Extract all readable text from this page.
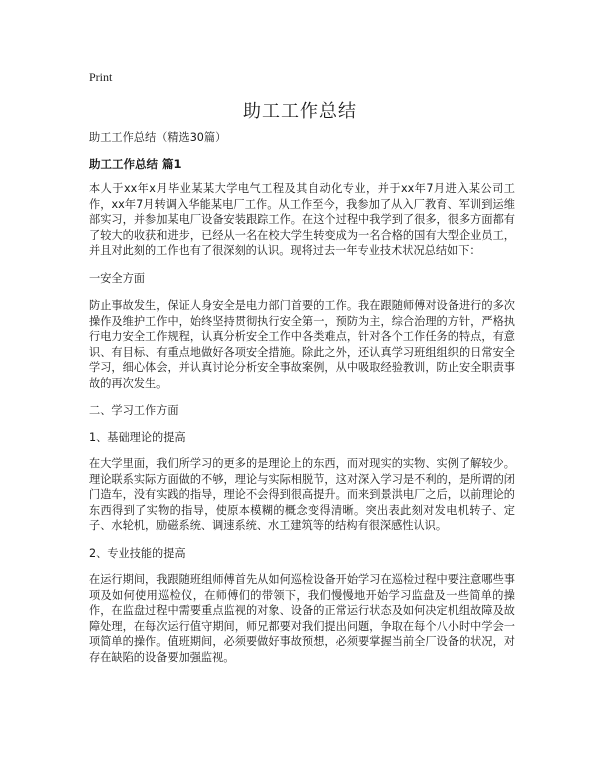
Print
助工工作总结

助工工作总结（精选30篇）

助工工作总结 篇1

本人于xx年x月毕业某某大学电气工程及其自动化专业，并于xx年7月进入某公司工作，xx年7月转调入华能某电厂工作。从工作至今，我参加了从入厂教育、军训到运维部实习，并参加某电厂设备安装跟踪工作。在这个过程中我学到了很多，很多方面都有了较大的收获和进步，已经从一名在校大学生转变成为一名合格的国有大型企业员工，并且对此刻的工作也有了很深刻的认识。现将过去一年专业技术状况总结如下：

一安全方面

防止事故发生，保证人身安全是电力部门首要的工作。我在跟随师傅对设备进行的多次操作及维护工作中，始终坚持贯彻执行安全第一，预防为主，综合治理的方针，严格执行电力安全工作规程，认真分析安全工作中各类难点，针对各个工作任务的特点，有意识、有目标、有重点地做好各项安全措施。除此之外，还认真学习班组组织的日常安全学习，细心体会，并认真讨论分析安全事故案例，从中吸取经验教训，防止安全职责事故的再次发生。

二、学习工作方面

1、基础理论的提高

在大学里面，我们所学习的更多的是理论上的东西，而对现实的实物、实例了解较少。理论联系实际方面做的不够，理论与实际相脱节，这对深入学习是不利的，是所谓的闭门造车，没有实践的指导，理论不会得到很高提升。而来到景洪电厂之后，以前理论的东西得到了实物的指导，使原本模糊的概念变得清晰。突出表此刻对发电机转子、定子、水轮机，励磁系统、调速系统、水工建筑等的结构有很深感性认识。

2、专业技能的提高

在运行期间，我跟随班组师傅首先从如何巡检设备开始学习在巡检过程中要注意哪些事项及如何使用巡检仪，在师傅们的带领下，我们慢慢地开始学习监盘及一些简单的操作，在监盘过程中需要重点监视的对象、设备的正常运行状态及如何决定机组故障及故障处理，在每次运行值守期间，师兄都要对我们提出问题，争取在每个八小时中学会一项简单的操作。值班期间，必须要做好事故预想，必须要掌握当前全厂设备的状况，对存在缺陷的设备要加强监视。
